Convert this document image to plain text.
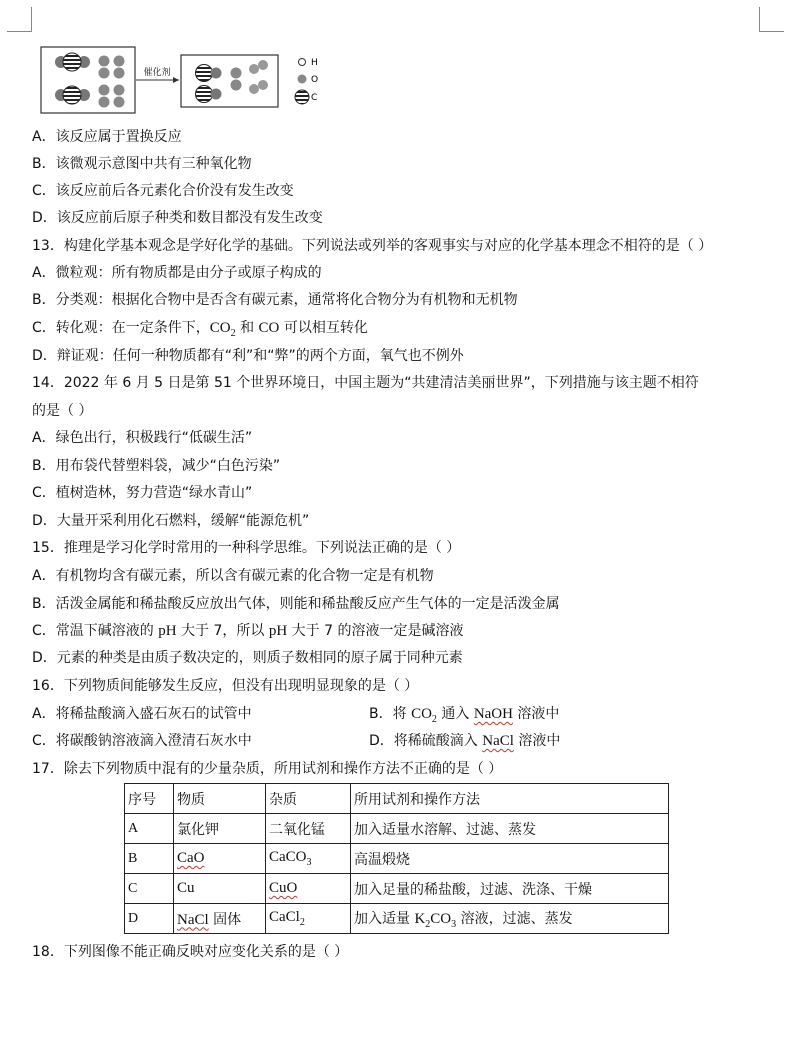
催化剂
H
O
C
A．该反应属于置换反应
B．该微观示意图中共有三种氧化物
C．该反应前后各元素化合价没有发生改变
D．该反应前后原子种类和数目都没有发生改变
13．构建化学基本观念是学好化学的基础。下列说法或列举的客观事实与对应的化学基本理念不相符的是（ ）
A．微粒观：所有物质都是由分子或原子构成的
B．分类观：根据化合物中是否含有碳元素，通常将化合物分为有机物和无机物
C．转化观：在一定条件下，$CO_2$ 和 CO 可以相互转化
D．辩证观：任何一种物质都有“利”和“弊”的两个方面，氧气也不例外
14．2022 年 6 月 5 日是第 51 个世界环境日，中国主题为“共建清洁美丽世界”，下列措施与该主题不相符
的是（ ）
A．绿色出行，积极践行“低碳生活”
B．用布袋代替塑料袋，减少“白色污染”
C．植树造林，努力营造“绿水青山”
D．大量开采利用化石燃料，缓解“能源危机”
15．推理是学习化学时常用的一种科学思维。下列说法正确的是（ ）
A．有机物均含有碳元素，所以含有碳元素的化合物一定是有机物
B．活泼金属能和稀盐酸反应放出气体，则能和稀盐酸反应产生气体的一定是活泼金属
C．常温下碱溶液的 pH 大于 7，所以 pH 大于 7 的溶液一定是碱溶液
D．元素的种类是由质子数决定的，则质子数相同的原子属于同种元素
16．下列物质间能够发生反应，但没有出现明显现象的是（ ）
A．将稀盐酸滴入盛石灰石的试管中	B．将 $CO_2$ 通入 NaOH 溶液中
C．将碳酸钠溶液滴入澄清石灰水中	D．将稀硫酸滴入 NaCl 溶液中
17．除去下列物质中混有的少量杂质，所用试剂和操作方法不正确的是（ ）
序号	物质	杂质	所用试剂和操作方法
A	氯化钾	二氧化锰	加入适量水溶解、过滤、蒸发
B	CaO	CaCO$_3$	高温煅烧
C	Cu	CuO	加入足量的稀盐酸，过滤、洗涤、干燥
D	NaCl 固体	CaCl$_2$	加入适量 $K_2CO_3$ 溶液，过滤、蒸发
18．下列图像不能正确反映对应变化关系的是（ ）
